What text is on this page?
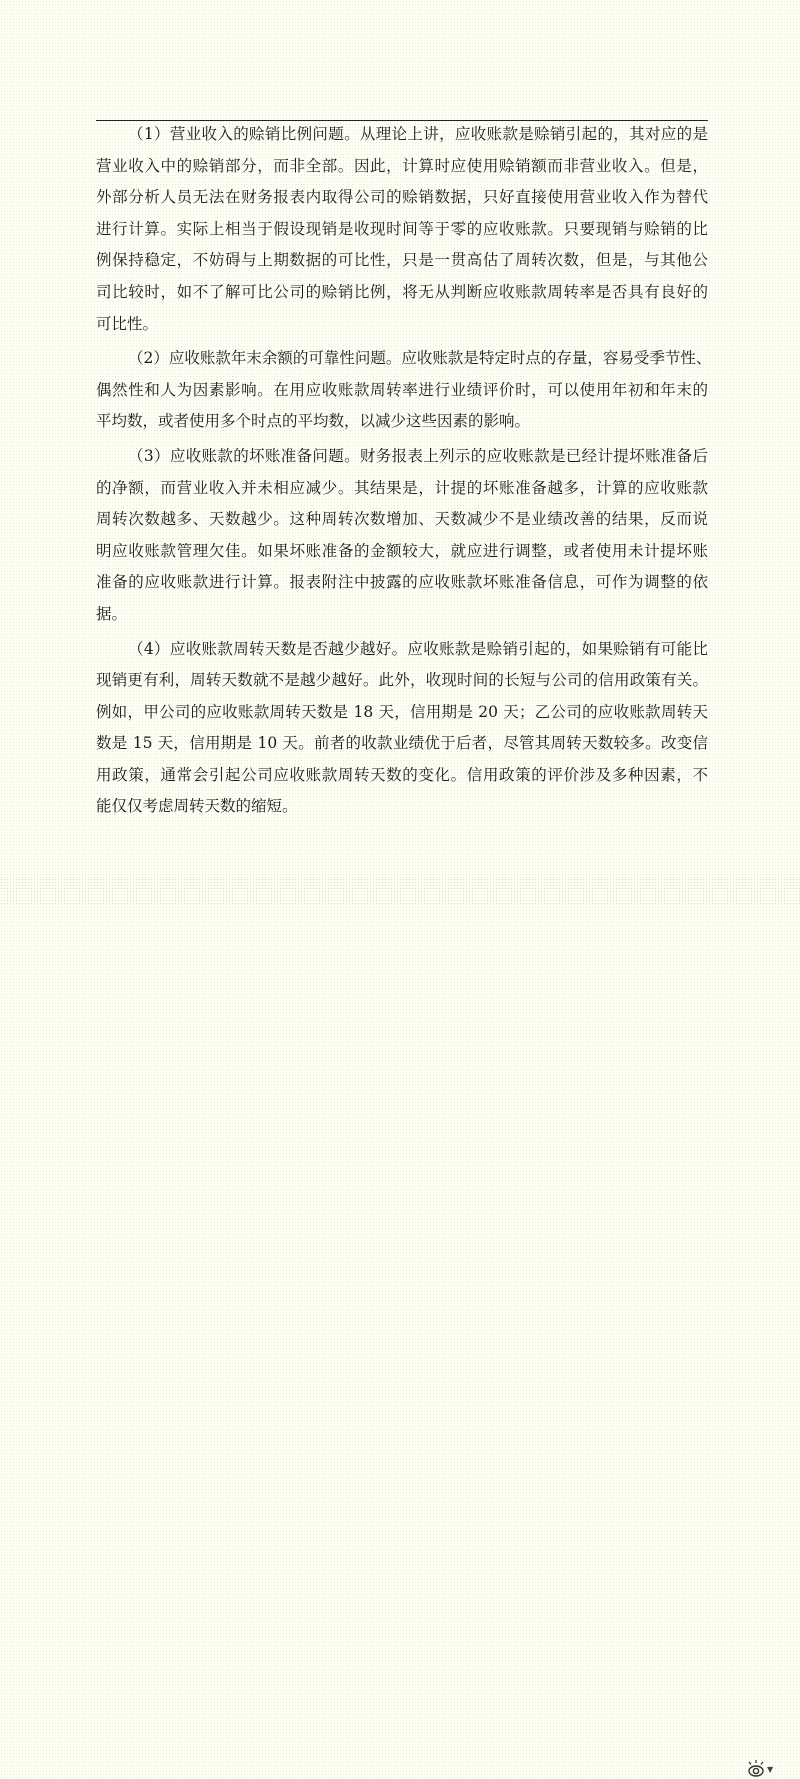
（1）营业收入的赊销比例问题。从理论上讲，应收账款是赊销引起的，其对应的是
营业收入中的赊销部分，而非全部。因此，计算时应使用赊销额而非营业收入。但是，
外部分析人员无法在财务报表内取得公司的赊销数据，只好直接使用营业收入作为替代
进行计算。实际上相当于假设现销是收现时间等于零的应收账款。只要现销与赊销的比
例保持稳定，不妨碍与上期数据的可比性，只是一贯高估了周转次数，但是，与其他公
司比较时，如不了解可比公司的赊销比例，将无从判断应收账款周转率是否具有良好的
可比性。
（2）应收账款年末余额的可靠性问题。应收账款是特定时点的存量，容易受季节性、
偶然性和人为因素影响。在用应收账款周转率进行业绩评价时，可以使用年初和年末的
平均数，或者使用多个时点的平均数，以减少这些因素的影响。
（3）应收账款的坏账准备问题。财务报表上列示的应收账款是已经计提坏账准备后
的净额，而营业收入并未相应减少。其结果是，计提的坏账准备越多，计算的应收账款
周转次数越多、天数越少。这种周转次数增加、天数减少不是业绩改善的结果，反而说
明应收账款管理欠佳。如果坏账准备的金额较大，就应进行调整，或者使用未计提坏账
准备的应收账款进行计算。报表附注中披露的应收账款坏账准备信息，可作为调整的依
据。
（4）应收账款周转天数是否越少越好。应收账款是赊销引起的，如果赊销有可能比
现销更有利，周转天数就不是越少越好。此外，收现时间的长短与公司的信用政策有关。
例如，甲公司的应收账款周转天数是 18 天，信用期是 20 天；乙公司的应收账款周转天
数是 15 天，信用期是 10 天。前者的收款业绩优于后者，尽管其周转天数较多。改变信
用政策，通常会引起公司应收账款周转天数的变化。信用政策的评价涉及多种因素，不
能仅仅考虑周转天数的缩短。
▼
